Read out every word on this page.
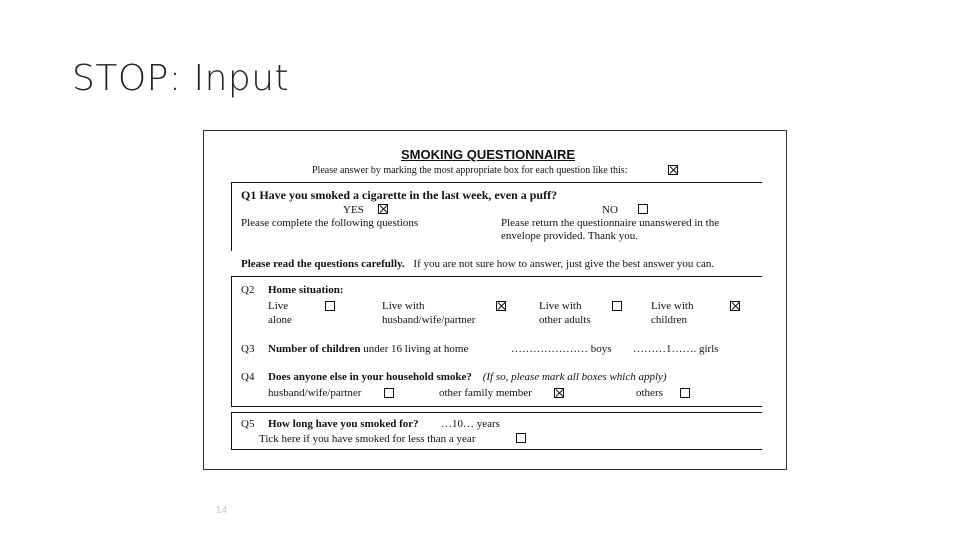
STOP: Input
SMOKING QUESTIONNAIRE
Please answer by marking the most appropriate box for each question like this:
Q1 Have you smoked a cigarette in the last week, even a puff?
YES	NO
Please complete the following questions	Please return the questionnaire unanswered in the
envelope provided. Thank you.
Please read the questions carefully. If you are not sure how to answer, just give the best answer you can.
Q2 Home situation:
Live
alone
Live with
husband/wife/partner
Live with
other adults
Live with
children
Q3 Number of children under 16 living at home	………………… boys ………1……. girls
Q4 Does anyone else in your household smoke? (If so, please mark all boxes which apply)
husband/wife/partner	other family member	others
Q5 How long have you smoked for? …10… years
Tick here if you have smoked for less than a year
14
